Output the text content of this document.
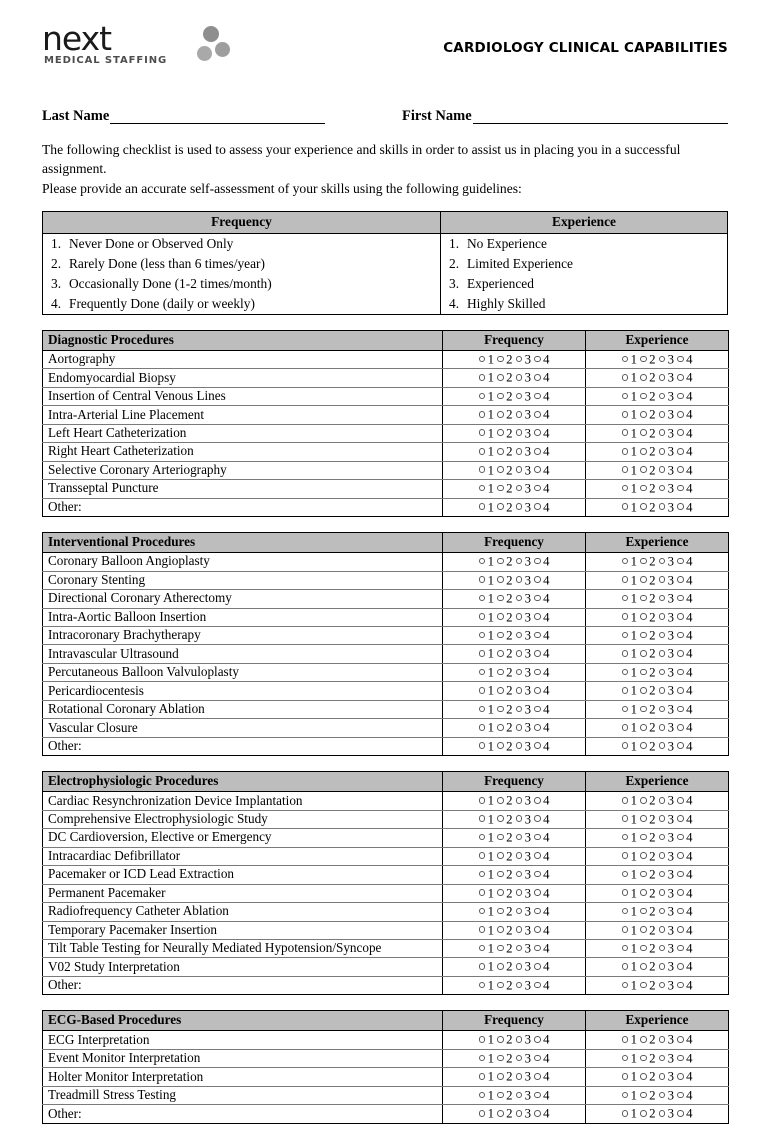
next
MEDICAL STAFFING
CARDIOLOGY CLINICAL CAPABILITIES
Last Name	First Name
The following checklist is used to assess your experience and skills in order to assist us in placing you in a successful assignment.
Please provide an accurate self-assessment of your skills using the following guidelines:
Frequency	Experience
1. Never Done or Observed Only	1. No Experience
2. Rarely Done (less than 6 times/year)	2. Limited Experience
3. Occasionally Done (1-2 times/month)	3. Experienced
4. Frequently Done (daily or weekly)	4. Highly Skilled
Diagnostic Procedures	Frequency	Experience
Aortography	1 2 3 4	1 2 3 4
Endomyocardial Biopsy	1 2 3 4	1 2 3 4
Insertion of Central Venous Lines	1 2 3 4	1 2 3 4
Intra-Arterial Line Placement	1 2 3 4	1 2 3 4
Left Heart Catheterization	1 2 3 4	1 2 3 4
Right Heart Catheterization	1 2 3 4	1 2 3 4
Selective Coronary Arteriography	1 2 3 4	1 2 3 4
Transseptal Puncture	1 2 3 4	1 2 3 4
Other:	1 2 3 4	1 2 3 4
Interventional Procedures	Frequency	Experience
Coronary Balloon Angioplasty	1 2 3 4	1 2 3 4
Coronary Stenting	1 2 3 4	1 2 3 4
Directional Coronary Atherectomy	1 2 3 4	1 2 3 4
Intra-Aortic Balloon Insertion	1 2 3 4	1 2 3 4
Intracoronary Brachytherapy	1 2 3 4	1 2 3 4
Intravascular Ultrasound	1 2 3 4	1 2 3 4
Percutaneous Balloon Valvuloplasty	1 2 3 4	1 2 3 4
Pericardiocentesis	1 2 3 4	1 2 3 4
Rotational Coronary Ablation	1 2 3 4	1 2 3 4
Vascular Closure	1 2 3 4	1 2 3 4
Other:	1 2 3 4	1 2 3 4
Electrophysiologic Procedures	Frequency	Experience
Cardiac Resynchronization Device Implantation	1 2 3 4	1 2 3 4
Comprehensive Electrophysiologic Study	1 2 3 4	1 2 3 4
DC Cardioversion, Elective or Emergency	1 2 3 4	1 2 3 4
Intracardiac Defibrillator	1 2 3 4	1 2 3 4
Pacemaker or ICD Lead Extraction	1 2 3 4	1 2 3 4
Permanent Pacemaker	1 2 3 4	1 2 3 4
Radiofrequency Catheter Ablation	1 2 3 4	1 2 3 4
Temporary Pacemaker Insertion	1 2 3 4	1 2 3 4
Tilt Table Testing for Neurally Mediated Hypotension/Syncope	1 2 3 4	1 2 3 4
V02 Study Interpretation	1 2 3 4	1 2 3 4
Other:	1 2 3 4	1 2 3 4
ECG-Based Procedures	Frequency	Experience
ECG Interpretation	1 2 3 4	1 2 3 4
Event Monitor Interpretation	1 2 3 4	1 2 3 4
Holter Monitor Interpretation	1 2 3 4	1 2 3 4
Treadmill Stress Testing	1 2 3 4	1 2 3 4
Other:	1 2 3 4	1 2 3 4
